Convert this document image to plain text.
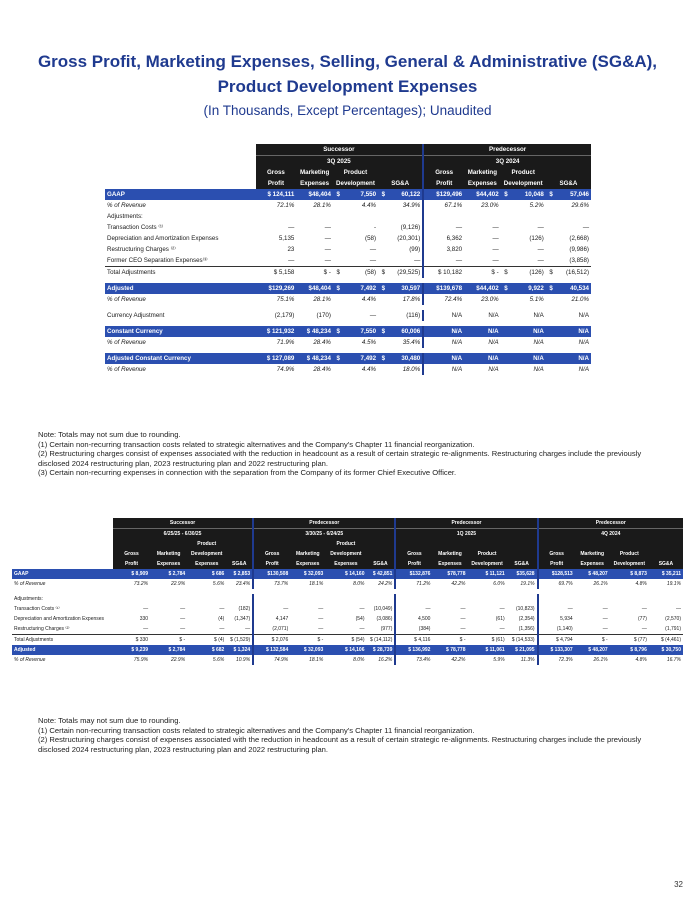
Gross Profit, Marketing Expenses, Selling, General & Administrative (SG&A),
Product Development Expenses
(In Thousands, Except Percentages); Unaudited
	Successor						Predecessor					
	3Q 2025						3Q 2024					
	Gross	Marketing	Product				Gross	Marketing	Product			
	Profit	Expenses	Development		SG&A		Profit	Expenses	Development		SG&A	
GAAP	$ 124,111	$48,404	$	7,550	$	60,122	$129,496	$44,402	$	10,048	$	57,046
% of Revenue	72.1%	28.1%		4.4%		34.9%	67.1%	23.0%		5.2%		29.6%
Adjustments:												
Transaction Costs ⁽¹⁾	—	—		-		(9,126)	—	—		—		—
Depreciation and Amortization Expenses	5,135	—		(58)		(20,301)	6,362	—		(126)		(2,668)
Restructuring Charges ⁽²⁾	23	—		—		(99)	3,820	—		—		(9,986)
Former CEO Separation Expenses⁽³⁾	—	—		—		—	—	—		—		(3,858)
Total Adjustments	$ 5,158	$ -	$	(58)	$	(29,525)	$ 10,182	$ -	$	(126)	$	(16,512)

Adjusted	$129,269	$48,404	$	7,492	$	30,597	$139,678	$44,402	$	9,922	$	40,534
% of Revenue	75.1%	28.1%		4.4%		17.8%	72.4%	23.0%		5.1%		21.0%

Currency Adjustment	(2,179)	(170)		—		(116)	N/A	N/A		N/A		N/A

Constant Currency	$ 121,932	$ 48,234	$	7,550	$	60,006	N/A	N/A		N/A		N/A
% of Revenue	71.9%	28.4%		4.5%		35.4%	N/A	N/A		N/A		N/A

Adjusted Constant Currency	$ 127,089	$ 48,234	$	7,492	$	30,480	N/A	N/A		N/A		N/A
% of Revenue	74.9%	28.4%		4.4%		18.0%	N/A	N/A		N/A		N/A
Note: Totals may not sum due to rounding.
(1) Certain non-recurring transaction costs related to strategic alternatives and the Company's Chapter 11 financial reorganization.
(2) Restructuring charges consist of expenses associated with the reduction in headcount as a result of certain strategic re-alignments. Restructuring charges include the previously disclosed 2024 restructuring plan, 2023 restructuring plan and 2022 restructuring plan.
(3) Certain non-recurring expenses in connection with the separation from the Company of its former Chief Executive Officer.
	Successor				Predecessor				Predecessor				Predecessor			
	6/25/25 - 6/30/25				3/30/25 - 6/24/25				1Q 2025				4Q 2024			
			Product				Product									
	Gross	Marketing	Development		Gross	Marketing	Development		Gross	Marketing	Product		Gross	Marketing	Product	
	Profit	Expenses	Expenses	SG&A	Profit	Expenses	Expenses	SG&A	Profit	Expenses	Development	SG&A	Profit	Expenses	Development	SG&A
GAAP	$ 8,909	$ 2,784	$ 686	$ 2,853	$130,508	$ 32,093	$ 14,160	$ 42,851	$132,876	$78,778	$ 11,121	$35,628	$128,513	$ 48,207	$ 8,873	$ 35,211
% of Revenue	73.2%	22.9%	5.6%	23.4%	73.7%	18.1%	8.0%	24.2%	71.2%	42.2%	6.0%	19.1%	69.7%	26.1%	4.8%	19.1%

Adjustments:																
Transaction Costs ⁽¹⁾	—	—	—	(182)	—	—	—	(10,049)	—	—	—	(10,823)	—	—	—	—
Depreciation and Amortization Expenses	330	—	(4)	(1,347)	4,147	—	(54)	(3,086)	4,500	—	(61)	(2,354)	5,934	—	(77)	(2,570)
Restructuring Charges ⁽²⁾	—	—	—	—	(2,071)	—	—	(977)	(384)	—	—	(1,356)	(1,140)	—	—	(1,791)
Total Adjustments	$ 330	$ -	$ (4)	$ (1,529)	$ 2,076	$ -	$ (54)	$ (14,112)	$ 4,116	$ -	$ (61)	$ (14,533)	$ 4,794	$ -	$ (77)	$ (4,461)
Adjusted	$ 9,239	$ 2,784	$ 682	$ 1,324	$ 132,584	$ 32,093	$ 14,106	$ 28,739	$ 136,992	$ 78,778	$ 11,061	$ 21,095	$ 133,307	$ 48,207	$ 8,796	$ 30,750
% of Revenue	75.9%	22.9%	5.6%	10.9%	74.9%	18.1%	8.0%	16.2%	73.4%	42.2%	5.9%	11.3%	72.3%	26.1%	4.8%	16.7%
Note: Totals may not sum due to rounding.
(1) Certain non-recurring transaction costs related to strategic alternatives and the Company's Chapter 11 financial reorganization.
(2) Restructuring charges consist of expenses associated with the reduction in headcount as a result of certain strategic re-alignments. Restructuring charges include the previously disclosed 2024 restructuring plan, 2023 restructuring plan and 2022 restructuring plan.
32
